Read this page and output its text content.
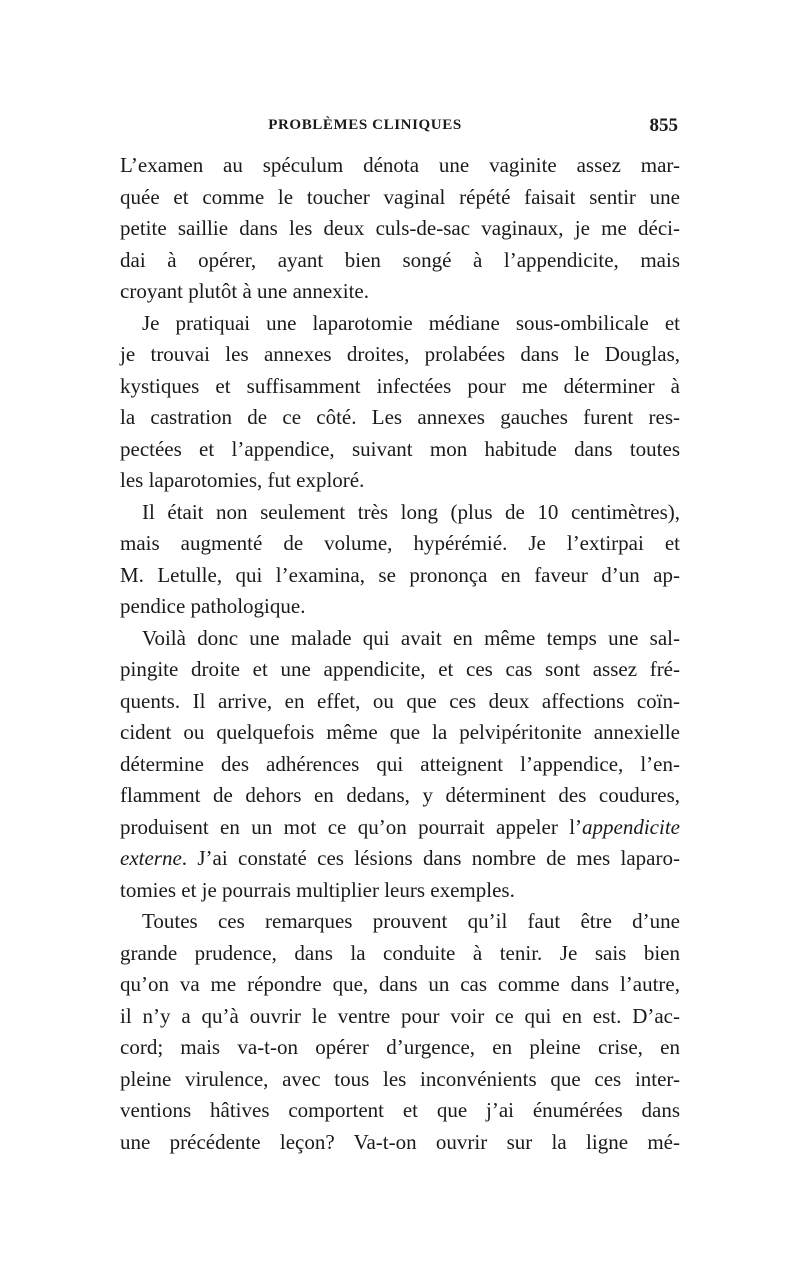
PROBLÈMES CLINIQUES	855
L’examen au spéculum dénota une vaginite assez mar-
quée et comme le toucher vaginal répété faisait sentir une
petite saillie dans les deux culs-de-sac vaginaux, je me déci-
dai à opérer, ayant bien songé à l’appendicite, mais
croyant plutôt à une annexite.
Je pratiquai une laparotomie médiane sous-ombilicale et
je trouvai les annexes droites, prolabées dans le Douglas,
kystiques et suffisamment infectées pour me déterminer à
la castration de ce côté. Les annexes gauches furent res-
pectées et l’appendice, suivant mon habitude dans toutes
les laparotomies, fut exploré.
Il était non seulement très long (plus de 10 centimètres),
mais augmenté de volume, hypérémié. Je l’extirpai et
M. Letulle, qui l’examina, se prononça en faveur d’un ap-
pendice pathologique.
Voilà donc une malade qui avait en même temps une sal-
pingite droite et une appendicite, et ces cas sont assez fré-
quents. Il arrive, en effet, ou que ces deux affections coïn-
cident ou quelquefois même que la pelvipéritonite annexielle
détermine des adhérences qui atteignent l’appendice, l’en-
flamment de dehors en dedans, y déterminent des coudures,
produisent en un mot ce qu’on pourrait appeler l’appendicite
externe. J’ai constaté ces lésions dans nombre de mes laparo-
tomies et je pourrais multiplier leurs exemples.
Toutes ces remarques prouvent qu’il faut être d’une
grande prudence, dans la conduite à tenir. Je sais bien
qu’on va me répondre que, dans un cas comme dans l’autre,
il n’y a qu’à ouvrir le ventre pour voir ce qui en est. D’ac-
cord; mais va-t-on opérer d’urgence, en pleine crise, en
pleine virulence, avec tous les inconvénients que ces inter-
ventions hâtives comportent et que j’ai énumérées dans
une précédente leçon? Va-t-on ouvrir sur la ligne mé-
